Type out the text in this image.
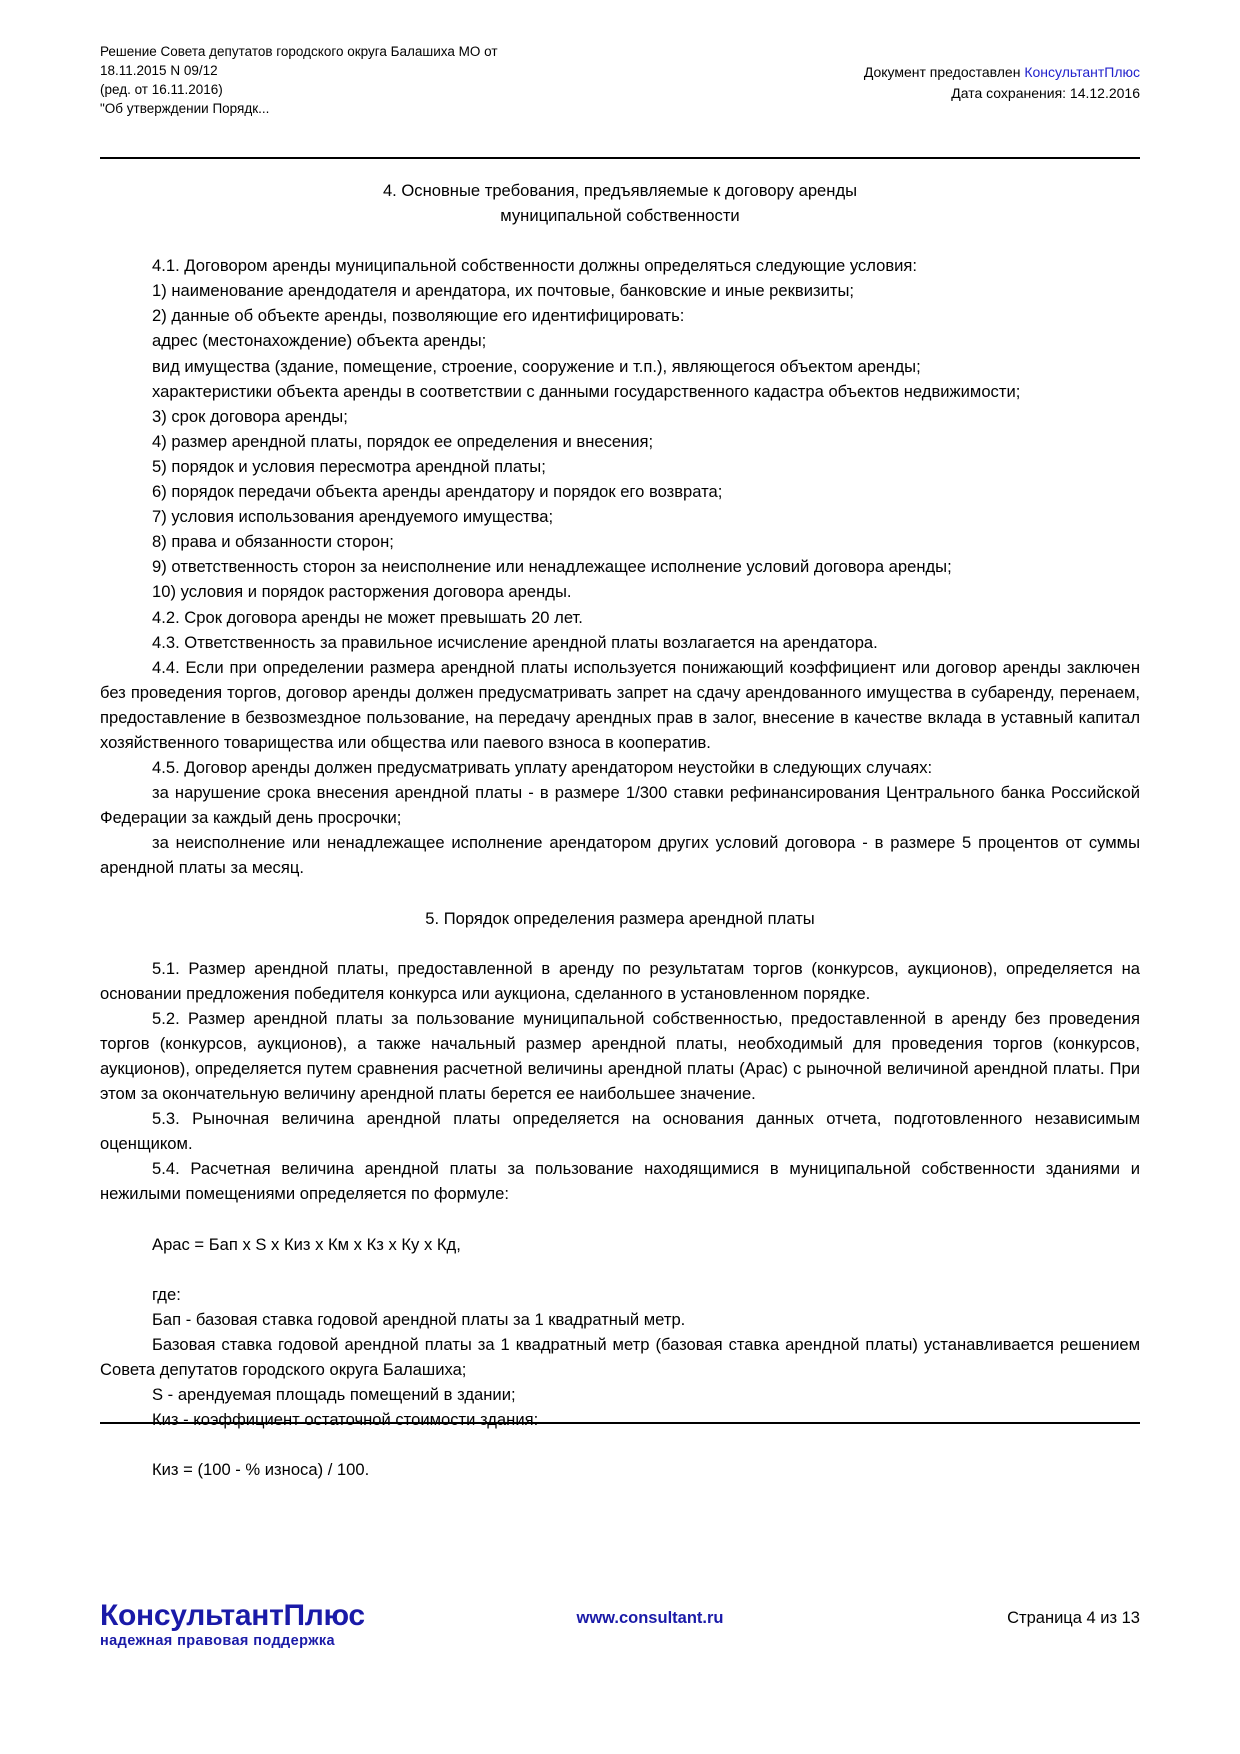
Решение Совета депутатов городского округа Балашиха МО от
18.11.2015 N 09/12
(ред. от 16.11.2016)
"Об утверждении Порядк...
Документ предоставлен КонсультантПлюс
Дата сохранения: 14.12.2016
4. Основные требования, предъявляемые к договору аренды
муниципальной собственности

4.1. Договором аренды муниципальной собственности должны определяться следующие условия:

1) наименование арендодателя и арендатора, их почтовые, банковские и иные реквизиты;

2) данные об объекте аренды, позволяющие его идентифицировать:

адрес (местонахождение) объекта аренды;

вид имущества (здание, помещение, строение, сооружение и т.п.), являющегося объектом аренды;

характеристики объекта аренды в соответствии с данными государственного кадастра объектов недвижимости;

3) срок договора аренды;

4) размер арендной платы, порядок ее определения и внесения;

5) порядок и условия пересмотра арендной платы;

6) порядок передачи объекта аренды арендатору и порядок его возврата;

7) условия использования арендуемого имущества;

8) права и обязанности сторон;

9) ответственность сторон за неисполнение или ненадлежащее исполнение условий договора аренды;

10) условия и порядок расторжения договора аренды.

4.2. Срок договора аренды не может превышать 20 лет.

4.3. Ответственность за правильное исчисление арендной платы возлагается на арендатора.

4.4. Если при определении размера арендной платы используется понижающий коэффициент или договор аренды заключен без проведения торгов, договор аренды должен предусматривать запрет на сдачу арендованного имущества в субаренду, перенаем, предоставление в безвозмездное пользование, на передачу арендных прав в залог, внесение в качестве вклада в уставный капитал хозяйственного товарищества или общества или паевого взноса в кооператив.

4.5. Договор аренды должен предусматривать уплату арендатором неустойки в следующих случаях:

за нарушение срока внесения арендной платы - в размере 1/300 ставки рефинансирования Центрального банка Российской Федерации за каждый день просрочки;

за неисполнение или ненадлежащее исполнение арендатором других условий договора - в размере 5 процентов от суммы арендной платы за месяц.

5. Порядок определения размера арендной платы

5.1. Размер арендной платы, предоставленной в аренду по результатам торгов (конкурсов, аукционов), определяется на основании предложения победителя конкурса или аукциона, сделанного в установленном порядке.

5.2. Размер арендной платы за пользование муниципальной собственностью, предоставленной в аренду без проведения торгов (конкурсов, аукционов), а также начальный размер арендной платы, необходимый для проведения торгов (конкурсов, аукционов), определяется путем сравнения расчетной величины арендной платы (Арас) с рыночной величиной арендной платы. При этом за окончательную величину арендной платы берется ее наибольшее значение.

5.3. Рыночная величина арендной платы определяется на основания данных отчета, подготовленного независимым оценщиком.

5.4. Расчетная величина арендной платы за пользование находящимися в муниципальной собственности зданиями и нежилыми помещениями определяется по формуле:

Арас = Бап х S х Киз х Км х Кз х Ку х Кд,

где:

Бап - базовая ставка годовой арендной платы за 1 квадратный метр.

Базовая ставка годовой арендной платы за 1 квадратный метр (базовая ставка арендной платы) устанавливается решением Совета депутатов городского округа Балашиха;

S - арендуемая площадь помещений в здании;

Киз - коэффициент остаточной стоимости здания:

Киз = (100 - % износа) / 100.

КонсультантПлюс
надежная правовая поддержка
www.consultant.ru	Страница 4 из 13
